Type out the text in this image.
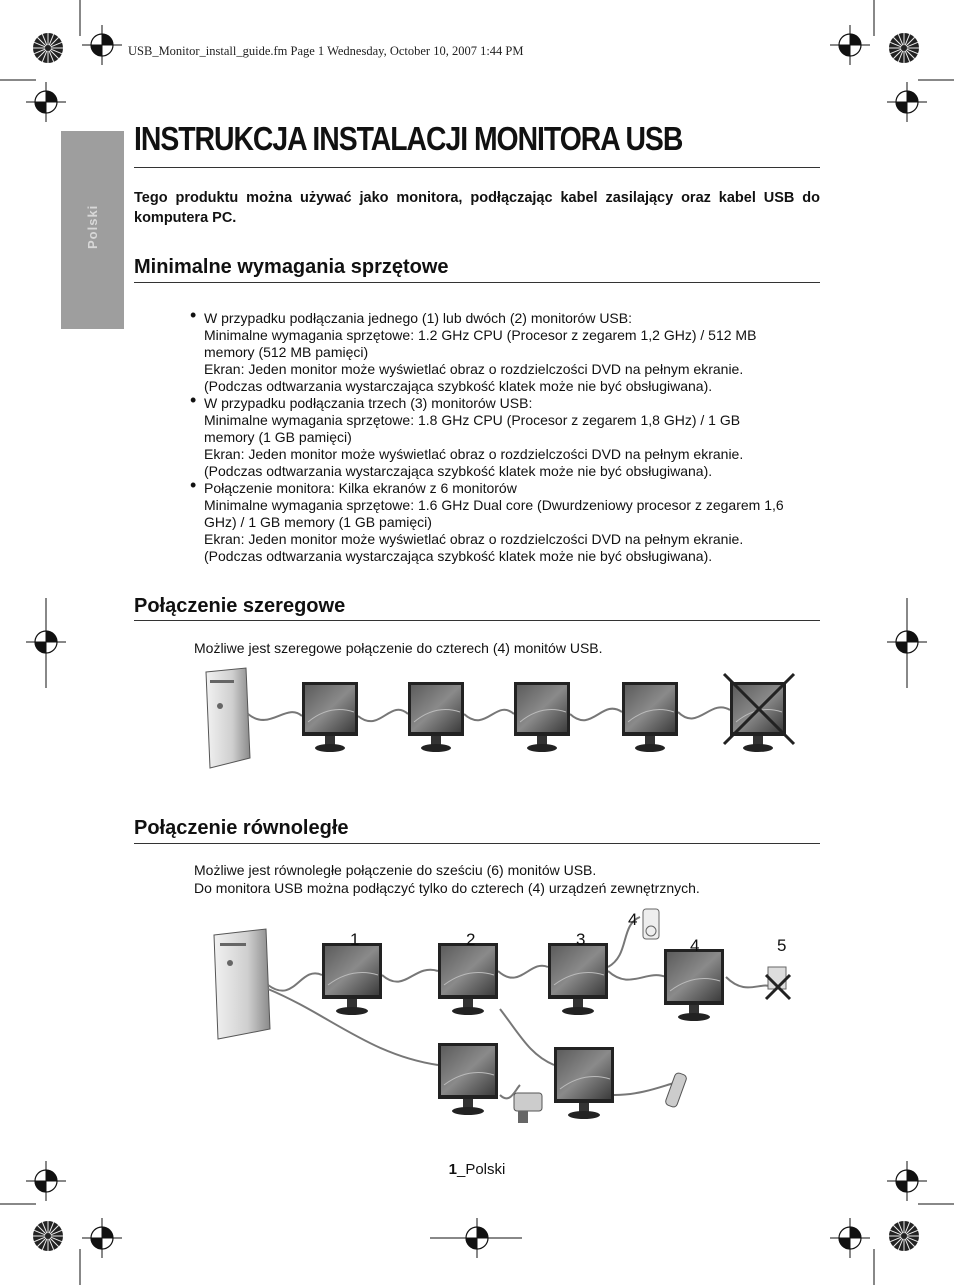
USB_Monitor_install_guide.fm Page 1 Wednesday, October 10, 2007 1:44 PM
Polski
INSTRUKCJA INSTALACJI MONITORA USB

Tego produktu można używać jako monitora, podłączając kabel zasilający oraz kabel USB do komputera PC.

Minimalne wymagania sprzętowe
• W przypadku podłączania jednego (1) lub dwóch (2) monitorów USB:
Minimalne wymagania sprzętowe: 1.2 GHz CPU (Procesor z zegarem 1,2 GHz) / 512 MB
memory (512 MB pamięci)
Ekran: Jeden monitor może wyświetlać obraz o rozdzielczości DVD na pełnym ekranie.
(Podczas odtwarzania wystarczająca szybkość klatek może nie być obsługiwana).
• W przypadku podłączania trzech (3) monitorów USB:
Minimalne wymagania sprzętowe: 1.8 GHz CPU (Procesor z zegarem 1,8 GHz) / 1 GB
memory (1 GB pamięci)
Ekran: Jeden monitor może wyświetlać obraz o rozdzielczości DVD na pełnym ekranie.
(Podczas odtwarzania wystarczająca szybkość klatek może nie być obsługiwana).
• Połączenie monitora: Kilka ekranów z 6 monitorów
Minimalne wymagania sprzętowe: 1.6 GHz Dual core (Dwurdzeniowy procesor z zegarem 1,6
GHz) / 1 GB memory (1 GB pamięci)
Ekran: Jeden monitor może wyświetlać obraz o rozdzielczości DVD na pełnym ekranie.
(Podczas odtwarzania wystarczająca szybkość klatek może nie być obsługiwana).
Połączenie szeregowe
Możliwe jest szeregowe połączenie do czterech (4) monitów USB.
Połączenie równoległe
Możliwe jest równoległe połączenie do sześciu (6) monitów USB.
Do monitora USB można podłączyć tylko do czterech (4) urządzeń zewnętrznych.
1	2	3
4
4	5
1_Polski
